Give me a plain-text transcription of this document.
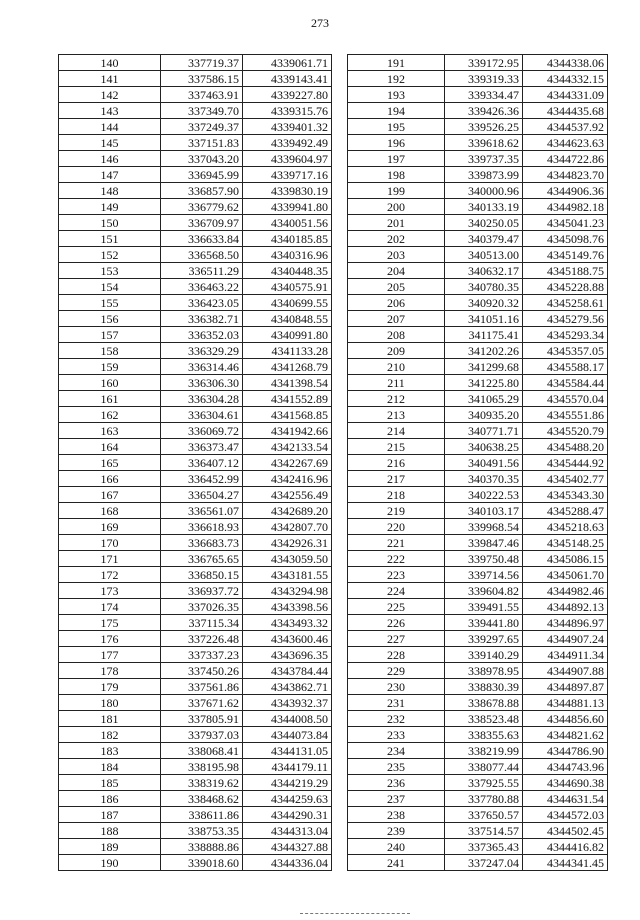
273
140	337719.37	4339061.71
141	337586.15	4339143.41
142	337463.91	4339227.80
143	337349.70	4339315.76
144	337249.37	4339401.32
145	337151.83	4339492.49
146	337043.20	4339604.97
147	336945.99	4339717.16
148	336857.90	4339830.19
149	336779.62	4339941.80
150	336709.97	4340051.56
151	336633.84	4340185.85
152	336568.50	4340316.96
153	336511.29	4340448.35
154	336463.22	4340575.91
155	336423.05	4340699.55
156	336382.71	4340848.55
157	336352.03	4340991.80
158	336329.29	4341133.28
159	336314.46	4341268.79
160	336306.30	4341398.54
161	336304.28	4341552.89
162	336304.61	4341568.85
163	336069.72	4341942.66
164	336373.47	4342133.54
165	336407.12	4342267.69
166	336452.99	4342416.96
167	336504.27	4342556.49
168	336561.07	4342689.20
169	336618.93	4342807.70
170	336683.73	4342926.31
171	336765.65	4343059.50
172	336850.15	4343181.55
173	336937.72	4343294.98
174	337026.35	4343398.56
175	337115.34	4343493.32
176	337226.48	4343600.46
177	337337.23	4343696.35
178	337450.26	4343784.44
179	337561.86	4343862.71
180	337671.62	4343932.37
181	337805.91	4344008.50
182	337937.03	4344073.84
183	338068.41	4344131.05
184	338195.98	4344179.11
185	338319.62	4344219.29
186	338468.62	4344259.63
187	338611.86	4344290.31
188	338753.35	4344313.04
189	338888.86	4344327.88
190	339018.60	4344336.04
191	339172.95	4344338.06
192	339319.33	4344332.15
193	339334.47	4344331.09
194	339426.36	4344435.68
195	339526.25	4344537.92
196	339618.62	4344623.63
197	339737.35	4344722.86
198	339873.99	4344823.70
199	340000.96	4344906.36
200	340133.19	4344982.18
201	340250.05	4345041.23
202	340379.47	4345098.76
203	340513.00	4345149.76
204	340632.17	4345188.75
205	340780.35	4345228.88
206	340920.32	4345258.61
207	341051.16	4345279.56
208	341175.41	4345293.34
209	341202.26	4345357.05
210	341299.68	4345588.17
211	341225.80	4345584.44
212	341065.29	4345570.04
213	340935.20	4345551.86
214	340771.71	4345520.79
215	340638.25	4345488.20
216	340491.56	4345444.92
217	340370.35	4345402.77
218	340222.53	4345343.30
219	340103.17	4345288.47
220	339968.54	4345218.63
221	339847.46	4345148.25
222	339750.48	4345086.15
223	339714.56	4345061.70
224	339604.82	4344982.46
225	339491.55	4344892.13
226	339441.80	4344896.97
227	339297.65	4344907.24
228	339140.29	4344911.34
229	338978.95	4344907.88
230	338830.39	4344897.87
231	338678.88	4344881.13
232	338523.48	4344856.60
233	338355.63	4344821.62
234	338219.99	4344786.90
235	338077.44	4344743.96
236	337925.55	4344690.38
237	337780.88	4344631.54
238	337650.57	4344572.03
239	337514.57	4344502.45
240	337365.43	4344416.82
241	337247.04	4344341.45
